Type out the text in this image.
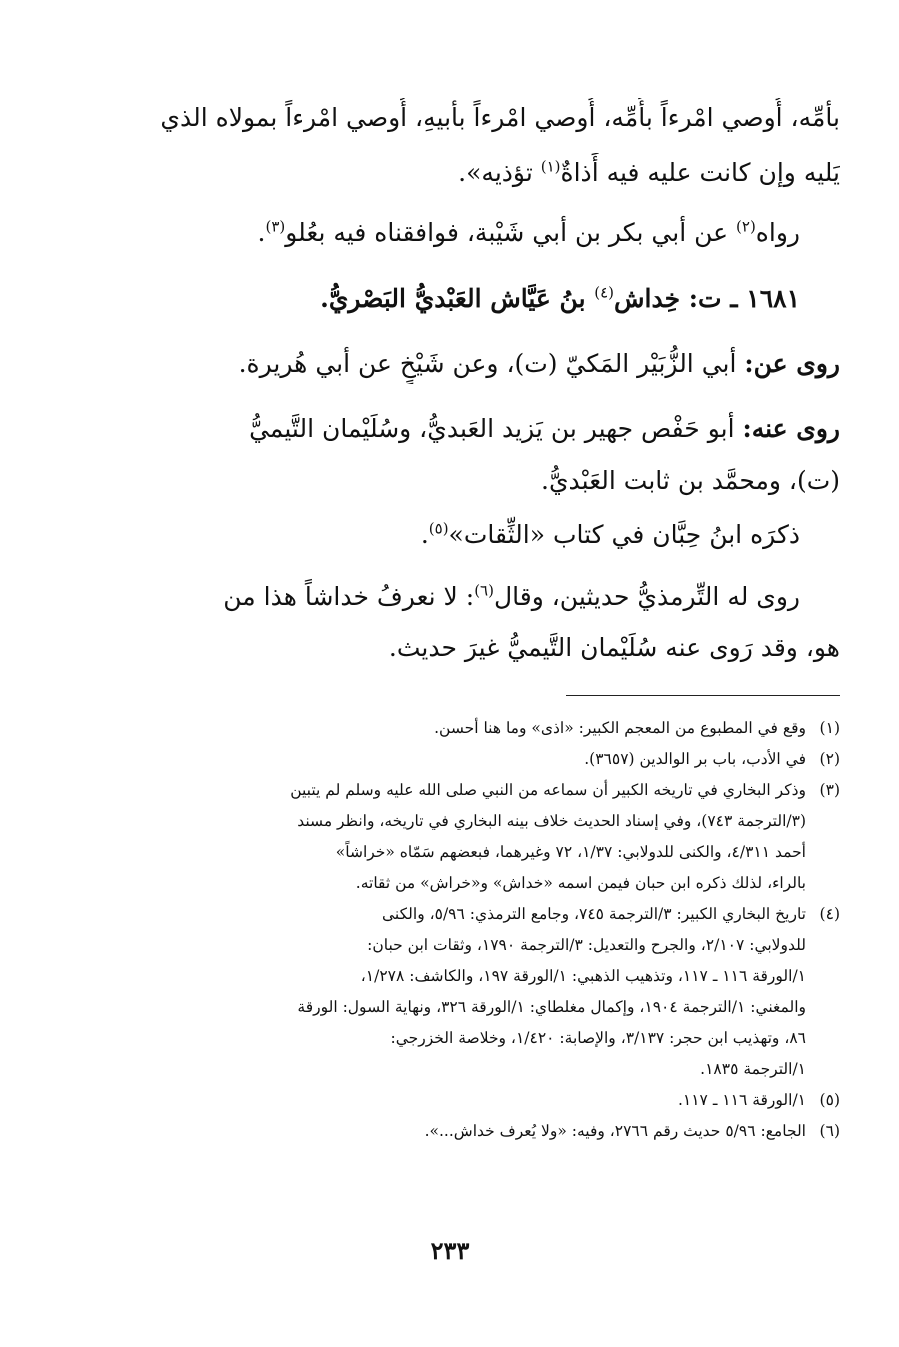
بأمِّه، أُوصي امْرءاً بأُمِّه، أُوصي امْرءاً بأبيهِ، أُوصي امْرءاً بمولاه الذي

يَليه وإن كانت عليه فيه أَذاةٌ$^{(١)}$ تؤذيه».

رواه$^{(٢)}$ عن أبي بكر بن أبي شَيْبة، فوافقناه فيه بعُلو$^{(٣)}$.

١٦٨١ ـ ت: خِداش$^{(٤)}$ بنُ عَيَّاش العَبْديُّ البَصْريُّ.

روى عن: أبي الزُّبَيْر المَكيّ (ت)، وعن شَيْخٍ عن أبي هُريرة.

روى عنه: أبو حَفْص جهير بن يَزيد العَبديُّ، وسُلَيْمان التَّيميُّ

(ت)، ومحمَّد بن ثابت العَبْديُّ.

ذكرَه ابنُ حِبَّان في كتاب «الثِّقات»$^{(٥)}$.

روى له التِّرمذيُّ حديثين، وقال$^{(٦)}$: لا نعرفُ خداشاً هذا من

هو، وقد رَوى عنه سُلَيْمان التَّيميُّ غيرَ حديث.

(١)وقع في المطبوع من المعجم الكبير: «اذى» وما هنا أحسن.

(٢)في الأدب، باب بر الوالدين (٣٦٥٧).

(٣)وذكر البخاري في تاريخه الكبير أن سماعه من النبي صلى الله عليه وسلم لم يتبين

(٣/الترجمة ٧٤٣)، وفي إسناد الحديث خلاف بينه البخاري في تاريخه، وانظر مسند

أحمد ٤/٣١١، والكنى للدولابي: ١/٣٧، ٧٢ وغيرهما، فبعضهم سَمّاه «خراشاً»

بالراء، لذلك ذكره ابن حبان فيمن اسمه «خداش» و«خراش» من ثقاته.

(٤)تاريخ البخاري الكبير: ٣/الترجمة ٧٤٥، وجامع الترمذي: ٥/٩٦، والكنى

للدولابي: ٢/١٠٧، والجرح والتعديل: ٣/الترجمة ١٧٩٠، وثقات ابن حبان:

١/الورقة ١١٦ ـ ١١٧، وتذهيب الذهبي: ١/الورقة ١٩٧، والكاشف: ١/٢٧٨،

والمغني: ١/الترجمة ١٩٠٤، وإكمال مغلطاي: ١/الورقة ٣٢٦، ونهاية السول: الورقة

٨٦، وتهذيب ابن حجر: ٣/١٣٧، والإصابة: ١/٤٢٠، وخلاصة الخزرجي:

١/الترجمة ١٨٣٥.

(٥)١/الورقة ١١٦ ـ ١١٧.

(٦)الجامع: ٥/٩٦ حديث رقم ٢٧٦٦، وفيه: «ولا يُعرف خداش...».

٢٣٣
